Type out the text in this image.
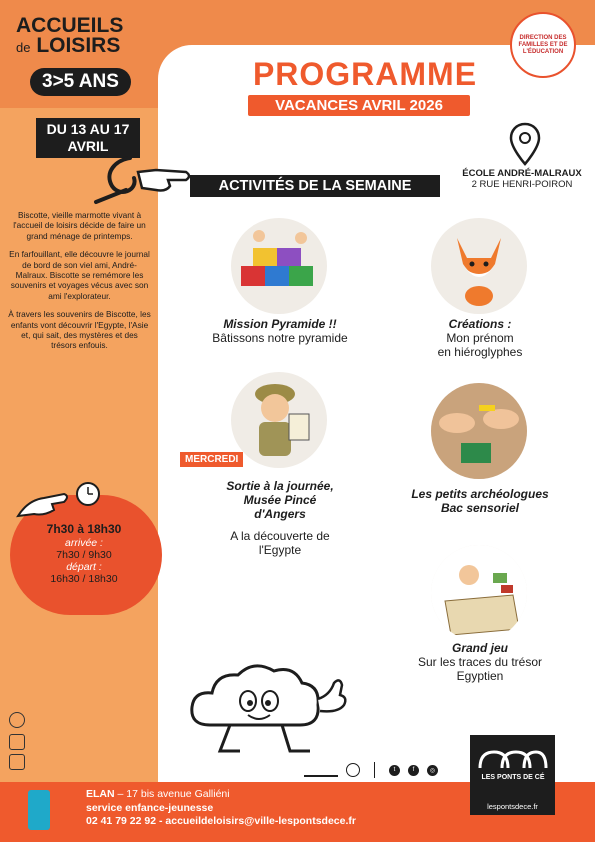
ACCUEILS
de LOISIRS
3>5 ANS
DU 13 AU 17
AVRIL

Biscotte, vieille marmotte vivant à l'accueil de loisirs décide de faire un grand ménage de printemps.

En farfouillant, elle découvre le journal de bord de son viel ami, André-Malraux. Biscotte se remémore les souvenirs et voyages vécus avec son ami l'explorateur.

À travers les souvenirs de Biscotte, les enfants vont découvrir l'Egypte, l'Asie et, qui sait, des mystères et des trésors enfouis.

7h30 à 18h30
arrivée :
7h30 / 9h30
départ :
16h30 / 18h30
DIRECTION DES FAMILLES ET DE L'ÉDUCATION
PROGRAMME
VACANCES AVRIL 2026
ÉCOLE ANDRÉ-MALRAUX
2 RUE HENRI-POIRON
ACTIVITÉS DE LA SEMAINE
Mission Pyramide !!
Bâtissons notre pyramide
Créations :
Mon prénom
en hiéroglyphes
MERCREDI
Sortie à la journée,
Musée Pincé
d'Angers
A la découverte de
l'Egypte
Les petits archéologues
Bac sensoriel
Grand jeu
Sur les traces du trésor
Egyptien
t	f	◎
ELAN – 17 bis avenue Galliéni
service enfance-jeunesse
02 41 79 22 92 - accueildeloisirs@ville-lespontsdece.fr
LES PONTS DE CÉ
lespontsdece.fr
